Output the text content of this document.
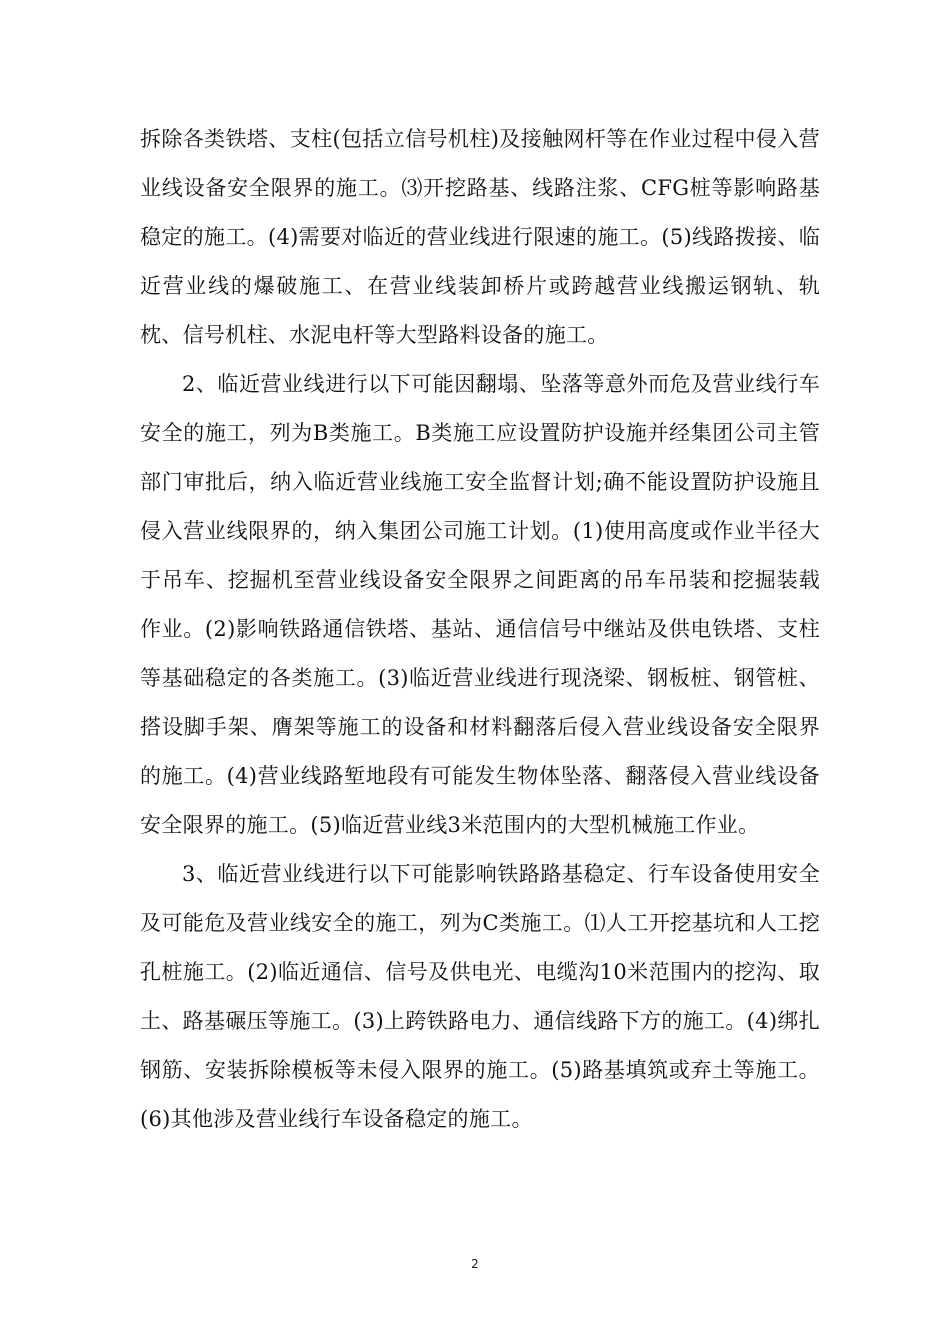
拆除各类铁塔、支柱(包括立信号机柱)及接触网杆等在作业过程中侵入营业线设备安全限界的施工。⑶开挖路基、线路注浆、CFG桩等影响路基稳定的施工。(4)需要对临近的营业线进行限速的施工。(5)线路拨接、临近营业线的爆破施工、在营业线装卸桥片或跨越营业线搬运钢轨、轨枕、信号机柱、水泥电杆等大型路料设备的施工。

2、临近营业线进行以下可能因翻塌、坠落等意外而危及营业线行车安全的施工，列为B类施工。B类施工应设置防护设施并经集团公司主管部门审批后，纳入临近营业线施工安全监督计划;确不能设置防护设施且侵入营业线限界的，纳入集团公司施工计划。(1)使用高度或作业半径大于吊车、挖掘机至营业线设备安全限界之间距离的吊车吊装和挖掘装载作业。(2)影响铁路通信铁塔、基站、通信信号中继站及供电铁塔、支柱等基础稳定的各类施工。(3)临近营业线进行现浇梁、钢板桩、钢管桩、搭设脚手架、膺架等施工的设备和材料翻落后侵入营业线设备安全限界的施工。(4)营业线路堑地段有可能发生物体坠落、翻落侵入营业线设备安全限界的施工。(5)临近营业线3米范围内的大型机械施工作业。

3、临近营业线进行以下可能影响铁路路基稳定、行车设备使用安全及可能危及营业线安全的施工，列为C类施工。⑴人工开挖基坑和人工挖孔桩施工。(2)临近通信、信号及供电光、电缆沟10米范围内的挖沟、取土、路基碾压等施工。(3)上跨铁路电力、通信线路下方的施工。(4)绑扎钢筋、安装拆除模板等未侵入限界的施工。(5)路基填筑或弃土等施工。(6)其他涉及营业线行车设备稳定的施工。

2
